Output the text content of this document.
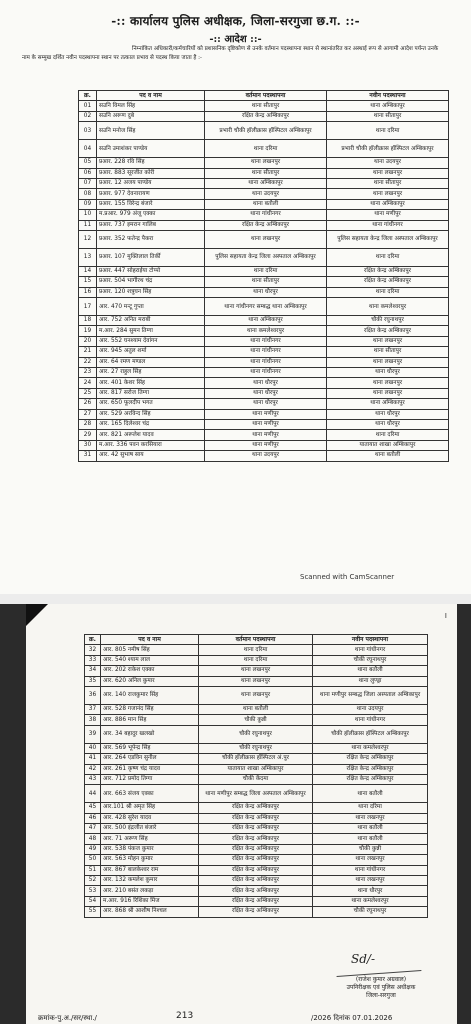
-:: कार्यालय पुलिस अधीक्षक, जिला-सरगुजा छ.ग. ::-
-:: आदेश ::-
निम्नांकित अधिकारी/कर्मचारियों को प्रशासनिक दृष्टिकोण से उनके वर्तमान पदस्थापना स्थान से स्थानांतरित कर अस्थाई रूप से आगामी आदेश पर्यन्त उनके नाम के सम्मुख दर्शित नवीन पदस्थापना स्थान पर तत्काल प्रभाव से पदस्थ किया जाता है :-
क्र.	पद व नाम	वर्तमान पदस्थापना	नवीन पदस्थापना
01	सउनि विमल सिंह	थाना सीतापुर	थाना अम्बिकापुर
02	सउनि अरूण दुबे	रक्षित केन्द्र अम्बिकापुर	थाना सीतापुर
03	सउनि मनोज सिंह	प्रभारी चौकी हॉलीक्रास हॉस्पिटल अम्बिकापुर	थाना दरिमा
04	सउनि उमाशंकर पाण्डेय	थाना दरिमा	प्रभारी चौकी हॉलीक्रास हॉस्पिटल अम्बिकापुर
05	प्रआर. 228 रवि सिंह	थाना लखनपुर	थाना उदयपुर
06	प्रआर. 883 सूरजीत कोरी	थाना सीतापुर	थाना लखनपुर
07	प्रआर. 12 अजय पाण्डेय	थाना अम्बिकापुर	थाना सीतापुर
08	प्रआर. 977 देवनारायण	थाना उदयपुर	थाना लखनपुर
09	प्रआर. 155 विरेन्द्र बंजारे	थाना बतौली	थाना अम्बिकापुर
10	म.प्रआर. 979 अंजू एक्का	थाना गांधीनगर	थाना मणीपुर
11	प्रआर. 737 इमरान गालिब	रक्षित केन्द्र अम्बिकापुर	थाना गांधीनगर
12	प्रआर. 352 फतेन्द्र पैकरा	थाना लखनपुर	पुलिस सहायता केन्द्र जिला अस्पताल अम्बिकापुर
13	प्रआर. 107 मुक्तिलाल तिर्की	पुलिस सहायता केन्द्र जिला अस्पताल अम्बिकापुर	थाना दरिमा
14	प्रआर. 447 सोहराईया टोप्पो	थाना दरिमा	रक्षित केन्द्र अम्बिकापुर
15	प्रआर. 504 भागीरथ चंद्र	थाना सीतापुर	रक्षित केन्द्र अम्बिकापुर
16	प्रआर. 120 शत्रुघन सिंह	थाना धौरपुर	थाना दरिमा
17	आर. 470 मन्टू गुप्ता	थाना गांधीनगर सम्बद्ध थाना अम्बिकापुर	थाना कमलेश्वरपुर
18	आर. 752 अनित मराबी	थाना अम्बिकापुर	चौकी रघुनाथपुर
19	म.आर. 284 सुमन तिग्गा	थाना कमलेश्वरपुर	रक्षित केन्द्र अम्बिकापुर
20	आर. 552 घनश्याम देवांगन	थाना गांधीनगर	थाना लखनपुर
21	आर. 945 अतुल शर्मा	थाना गांधीनगर	थाना सीतापुर
22	आर. 64 रमण मण्डल	थाना गांधीनगर	थाना लखनपुर
23	आर. 27 राहुल सिंह	थाना गांधीनगर	थाना धौरपुर
24	आर. 401 केशर सिंह	थाना धौरपुर	थाना लखनपुर
25	आर. 817 सरोज तिग्गा	थाना धौरपुर	थाना लखनपुर
26	आर. 650 फूलदीप भगत	थाना धौरपुर	थाना अम्बिकापुर
27	आर. 529 अरविन्द सिंह	थाना मणीपुर	थाना धौरपुर
28	आर. 165 दिलेश्वर चंद्र	थाना मणीपुर	थाना धौरपुर
29	आर. 821 अरूलेश यादव	थाना मणीपुर	थाना दरिमा
30	म.आर. 336 पवन करसियारा	थाना मणीपुर	यातायात शाखा अम्बिकापुर
31	आर. 42 सुभाष साय	थाना उदयपुर	थाना बतौली
Scanned with CamScanner
।
क्र.	पद व नाम	वर्तमान पदस्थापना	नवीन पदस्थापना
32	आर. 805 नमीष सिंह	थाना दरिमा	थाना गांधीनगर
33	आर. 540 श्याम लाल	थाना दरिमा	चौकी रघुनाथपुर
34	आर. 202 राकेश एक्का	थाना लखनपुर	थाना बतौली
35	आर. 620 अनिल कुमार	थाना लखनपुर	थाना लुण्ड्रा
36	आर. 140 राजकुमार सिंह	थाना लखनपुर	थाना मणीपुर सम्बद्ध जिला अस्पताल अम्बिकापुर
37	आर. 528 गजानंद सिंह	थाना बतौली	थाना उदयपुर
38	आर. 886 मान सिंह	चौकी कुन्नी	थाना गांधीनगर
39	आर. 34 बहादुर खलखो	चौकी रघुनाथपुर	चौकी हॉलीक्रास हॉस्पिटल अम्बिकापुर
40	आर. 569 भूपेन्द्र सिंह	चौकी रघुनाथपुर	थाना कमलेश्वरपुर
41	आर. 264 एडविन सुनील	चौकी हॉलीक्रास हॉस्पिटल अं.पुर	रक्षित केन्द्र अम्बिकापुर
42	आर. 261 कृष्ण चंद्र यादव	यातायात शाखा अम्बिकापुर	रक्षित केन्द्र अम्बिकापुर
43	आर. 712 प्रमोद तिग्गा	चौकी केंदमा	रक्षित केन्द्र अम्बिकापुर
44	आर. 663 संजय एक्का	थाना मणीपुर सम्बद्ध जिला अस्पताल अम्बिकापुर	थाना बतौली
45	आर.101 श्री अमृत सिंह	रक्षित केन्द्र अम्बिकापुर	थाना दरिमा
46	आर. 428 सुरेश यादव	रक्षित केन्द्र अम्बिकापुर	थाना लखनपुर
47	आर. 500 इंद्रजीत बंजारे	रक्षित केन्द्र अम्बिकापुर	थाना बतौली
48	आर. 71 अरूण सिंह	रक्षित केन्द्र अम्बिकापुर	थाना बतौली
49	आर. 538 पंकज कुमार	रक्षित केन्द्र अम्बिकापुर	चौकी कुन्नी
50	आर. 563 मोहन कुमार	रक्षित केन्द्र अम्बिकापुर	थाना लखनपुर
51	आर. 867 बालकेश्वर राम	रक्षित केन्द्र अम्बिकापुर	थाना गांधीनगर
52	आर. 132 कमलेश कुमार	रक्षित केन्द्र अम्बिकापुर	थाना लखनपुर
53	आर. 210 बसंत लकड़ा	रक्षित केन्द्र अम्बिकापुर	थाना धौरपुर
54	म.आर. 916 रिशिका मिंज	रक्षित केन्द्र अम्बिकापुर	थाना कमलेश्वरपुर
55	आर. 868 श्री आशीष निश्चल	रक्षित केन्द्र अम्बिकापुर	चौकी रघुनाथपुर
Sd/-
(राजेश कुमार अग्रवाल)
उपनिरीक्षक एवं पुलिस अधीक्षक
जिला-सरगुजा
क्रमांक-पु.अ./सर/स्था./	213	/2026 दिनांक 07.01.2026
